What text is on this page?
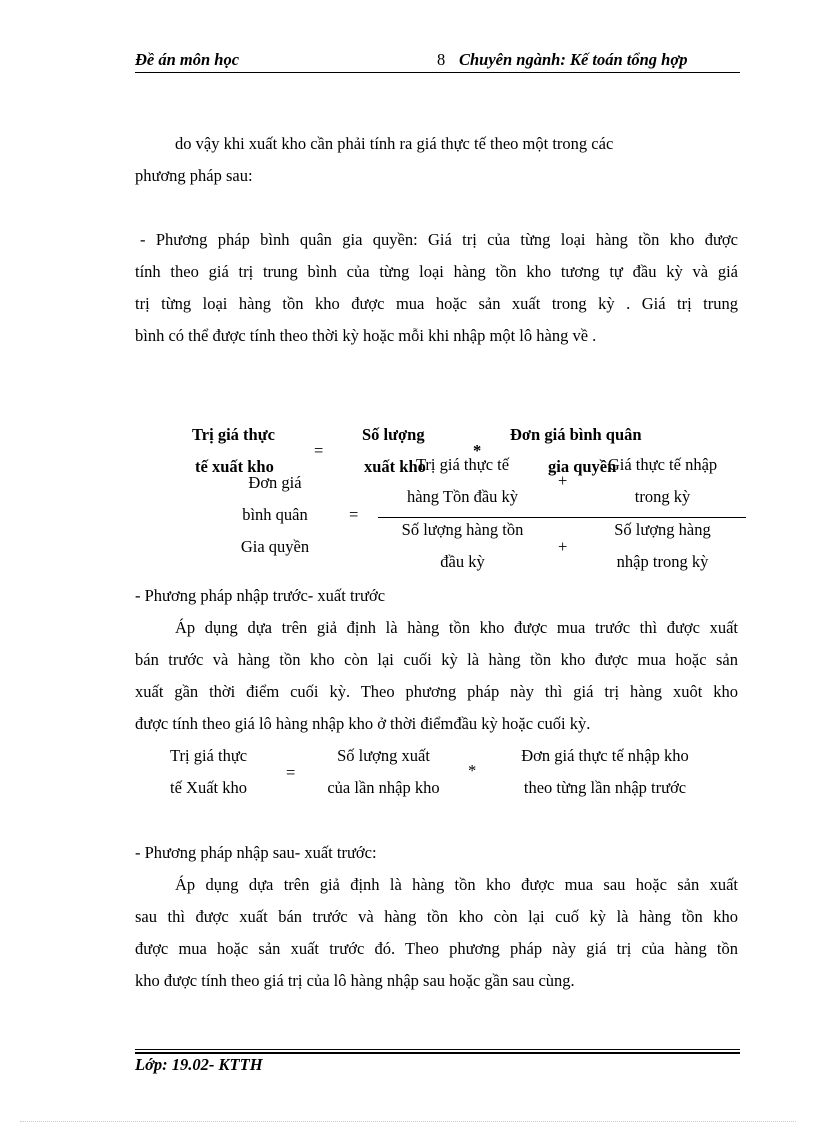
Đề án môn học	8 Chuyên ngành: Kế toán tổng hợp
do vậy khi xuất kho cần phải tính ra giá thực tế theo một trong các
phương pháp sau:
- Phương pháp bình quân gia quyền: Giá trị của từng loại hàng tồn kho được
tính theo giá trị trung bình của từng loại hàng tồn kho tương tự đầu kỳ và giá
trị từng loại hàng tồn kho được mua hoặc sản xuất trong kỳ . Giá trị trung
bình có thể được tính theo thời kỳ hoặc mỗi khi nhập một lô hàng về .
Trị giá thực
tế xuất kho
=
Số lượng
xuất kho
*
Đơn giá bình quân
gia quyền
Đơn giá
bình quân
Gia quyền
=
Trị giá thực tế
hàng Tồn đầu kỳ
+
Giá thực tế nhập
trong kỳ
Số lượng hàng tồn
đầu kỳ
+
Số lượng hàng
nhập trong kỳ
- Phương pháp nhập trước- xuất trước
Áp dụng dựa trên giả định là hàng tồn kho được mua trước thì được xuất
bán trước và hàng tồn kho còn lại cuối kỳ là hàng tồn kho được mua hoặc sản
xuất gần thời điểm cuối kỳ. Theo phương pháp này thì giá trị hàng xuôt kho
được tính theo giá lô hàng nhập kho ở thời điểmđầu kỳ hoặc cuối kỳ.
Trị giá thực
tế Xuất kho
=
Số lượng xuất
của lần nhập kho
*
Đơn giá thực tế nhập kho
theo từng lần nhập trước
- Phương pháp nhập sau- xuất trước:
Áp dụng dựa trên giả định là hàng tồn kho được mua sau hoặc sản xuất
sau thì được xuất bán trước và hàng tồn kho còn lại cuố kỳ là hàng tồn kho
được mua hoặc sản xuất trước đó. Theo phương pháp này giá trị của hàng tồn
kho được tính theo giá trị của lô hàng nhập sau hoặc gần sau cùng.
Lớp: 19.02- KTTH
